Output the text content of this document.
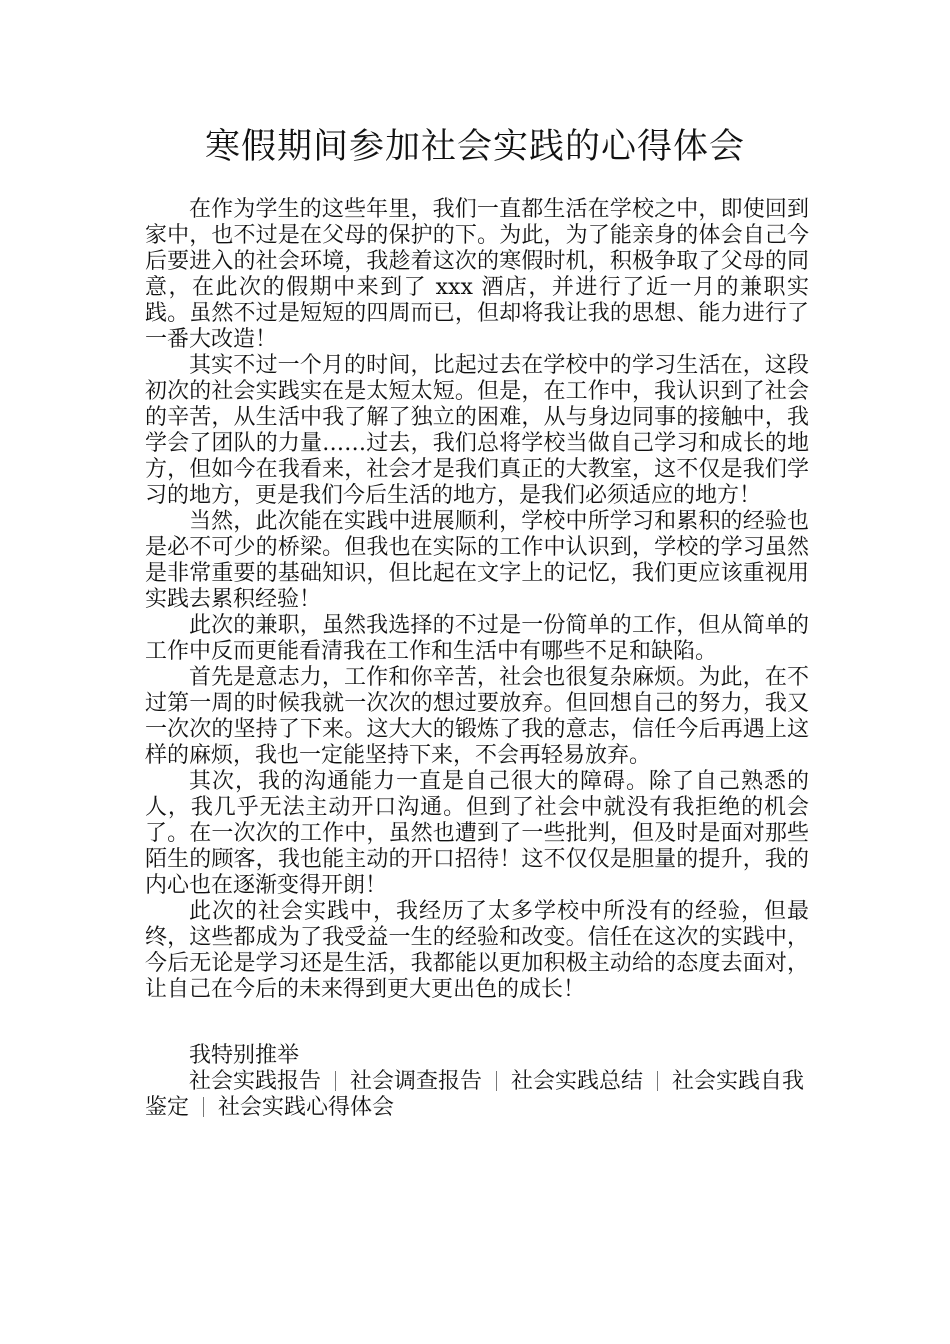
寒假期间参加社会实践的心得体会

在作为学生的这些年里，我们一直都生活在学校之中，即使回到家中，也不过是在父母的保护的下。为此，为了能亲身的体会自己今后要进入的社会环境，我趁着这次的寒假时机，积极争取了父母的同意，在此次的假期中来到了 xxx 酒店，并进行了近一月的兼职实践。虽然不过是短短的四周而已，但却将我让我的思想、能力进行了一番大改造！

其实不过一个月的时间，比起过去在学校中的学习生活在，这段初次的社会实践实在是太短太短。但是，在工作中，我认识到了社会的辛苦，从生活中我了解了独立的困难，从与身边同事的接触中，我学会了团队的力量……过去，我们总将学校当做自己学习和成长的地方，但如今在我看来，社会才是我们真正的大教室，这不仅是我们学习的地方，更是我们今后生活的地方，是我们必须适应的地方！

当然，此次能在实践中进展顺利，学校中所学习和累积的经验也是必不可少的桥梁。但我也在实际的工作中认识到，学校的学习虽然是非常重要的基础知识，但比起在文字上的记忆，我们更应该重视用实践去累积经验！

此次的兼职，虽然我选择的不过是一份简单的工作，但从简单的工作中反而更能看清我在工作和生活中有哪些不足和缺陷。

首先是意志力，工作和你辛苦，社会也很复杂麻烦。为此，在不过第一周的时候我就一次次的想过要放弃。但回想自己的努力，我又一次次的坚持了下来。这大大的锻炼了我的意志，信任今后再遇上这样的麻烦，我也一定能坚持下来，不会再轻易放弃。

其次，我的沟通能力一直是自己很大的障碍。除了自己熟悉的人，我几乎无法主动开口沟通。但到了社会中就没有我拒绝的机会了。在一次次的工作中，虽然也遭到了一些批判，但及时是面对那些陌生的顾客，我也能主动的开口招待！这不仅仅是胆量的提升，我的内心也在逐渐变得开朗！

此次的社会实践中，我经历了太多学校中所没有的经验，但最终，这些都成为了我受益一生的经验和改变。信任在这次的实践中，今后无论是学习还是生活，我都能以更加积极主动给的态度去面对，让自己在今后的未来得到更大更出色的成长！

我特别推举

社会实践报告 社会调查报告 社会实践总结 社会实践自我鉴定 社会实践心得体会
